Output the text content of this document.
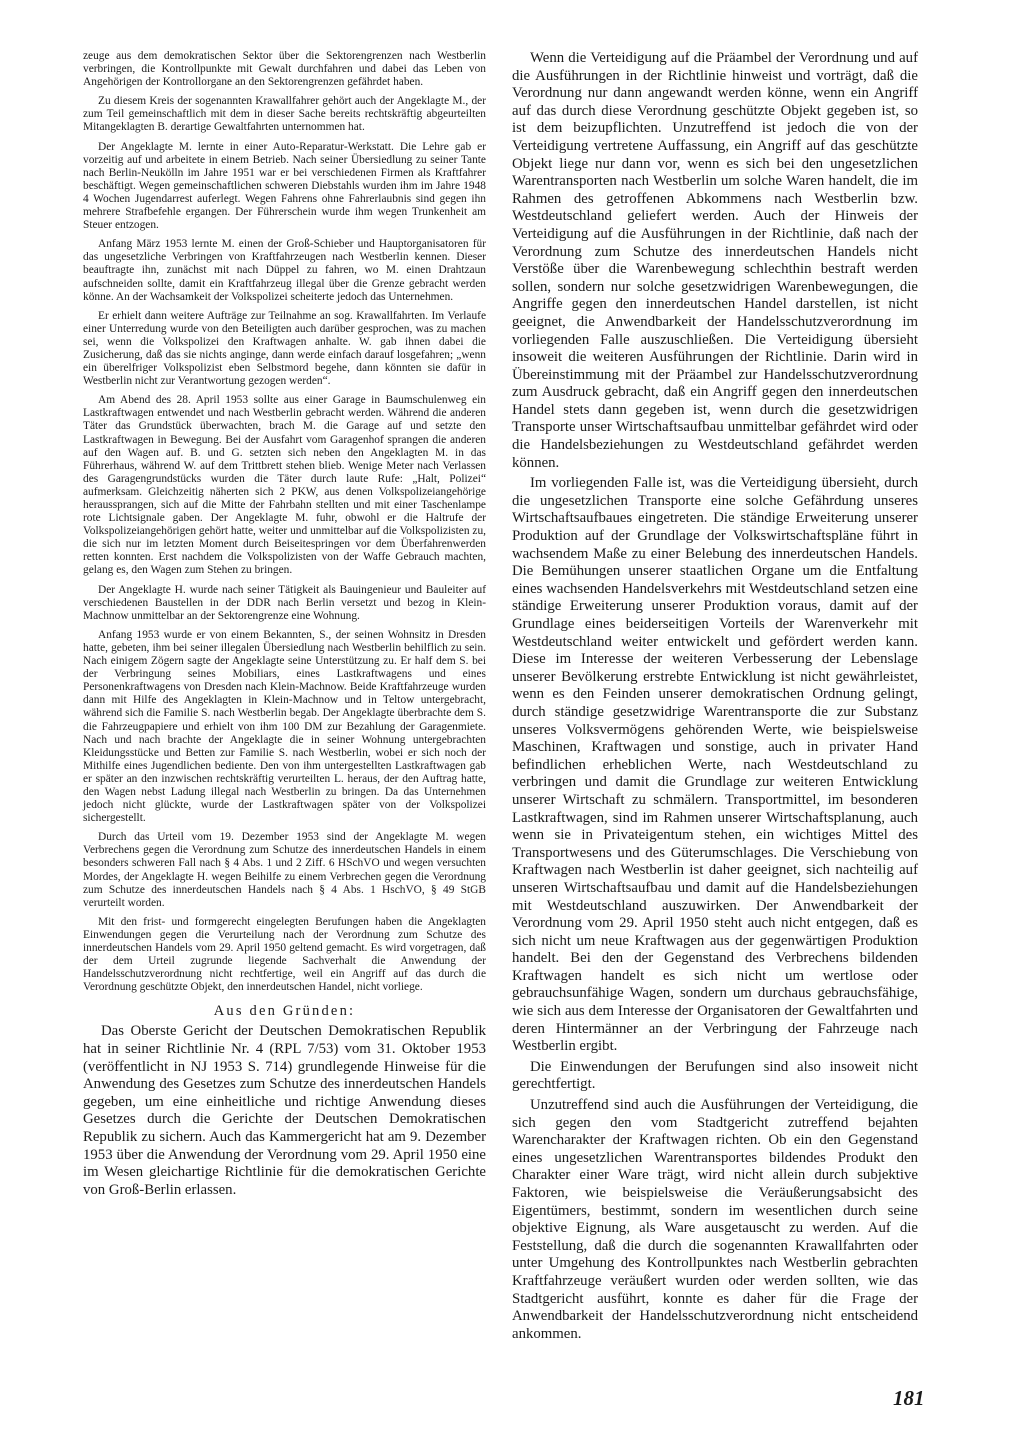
zeuge aus dem demokratischen Sektor über die Sektorengrenzen nach Westberlin verbringen, die Kontrollpunkte mit Gewalt durchfahren und dabei das Leben von Angehörigen der Kontrollorgane an den Sektorengrenzen gefährdet haben.

Zu diesem Kreis der sogenannten Krawallfahrer gehört auch der Angeklagte M., der zum Teil gemeinschaftlich mit dem in dieser Sache bereits rechtskräftig abgeurteilten Mitangeklagten B. derartige Gewaltfahrten unternommen hat.

Der Angeklagte M. lernte in einer Auto-Reparatur-Werkstatt. Die Lehre gab er vorzeitig auf und arbeitete in einem Betrieb. Nach seiner Übersiedlung zu seiner Tante nach Berlin-Neukölln im Jahre 1951 war er bei verschiedenen Firmen als Kraftfahrer beschäftigt. Wegen gemeinschaftlichen schweren Diebstahls wurden ihm im Jahre 1948 4 Wochen Jugendarrest auferlegt. Wegen Fahrens ohne Fahrerlaubnis sind gegen ihn mehrere Strafbefehle ergangen. Der Führerschein wurde ihm wegen Trunkenheit am Steuer entzogen.

Anfang März 1953 lernte M. einen der Groß-Schieber und Hauptorganisatoren für das ungesetzliche Verbringen von Kraftfahrzeugen nach Westberlin kennen. Dieser beauftragte ihn, zunächst mit nach Düppel zu fahren, wo M. einen Drahtzaun aufschneiden sollte, damit ein Kraftfahrzeug illegal über die Grenze gebracht werden könne. An der Wachsamkeit der Volkspolizei scheiterte jedoch das Unternehmen.

Er erhielt dann weitere Aufträge zur Teilnahme an sog. Krawallfahrten. Im Verlaufe einer Unterredung wurde von den Beteiligten auch darüber gesprochen, was zu machen sei, wenn die Volkspolizei den Kraftwagen anhalte. W. gab ihnen dabei die Zusicherung, daß das sie nichts anginge, dann werde einfach darauf losgefahren; „wenn ein überelfriger Volkspolizist eben Selbstmord begehe, dann könnten sie dafür in Westberlin nicht zur Verantwortung gezogen werden“.

Am Abend des 28. April 1953 sollte aus einer Garage in Baumschulenweg ein Lastkraftwagen entwendet und nach Westberlin gebracht werden. Während die anderen Täter das Grundstück überwachten, brach M. die Garage auf und setzte den Lastkraftwagen in Bewegung. Bei der Ausfahrt vom Garagenhof sprangen die anderen auf den Wagen auf. B. und G. setzten sich neben den Angeklagten M. in das Führerhaus, während W. auf dem Trittbrett stehen blieb. Wenige Meter nach Verlassen des Garagengrundstücks wurden die Täter durch laute Rufe: „Halt, Polizei“ aufmerksam. Gleichzeitig näherten sich 2 PKW, aus denen Volkspolizeiangehörige heraussprangen, sich auf die Mitte der Fahrbahn stellten und mit einer Taschenlampe rote Lichtsignale gaben. Der Angeklagte M. fuhr, obwohl er die Haltrufe der Volkspolizeiangehörigen gehört hatte, weiter und unmittelbar auf die Volkspolizisten zu, die sich nur im letzten Moment durch Beiseitespringen vor dem Überfahrenwerden retten konnten. Erst nachdem die Volkspolizisten von der Waffe Gebrauch machten, gelang es, den Wagen zum Stehen zu bringen.

Der Angeklagte H. wurde nach seiner Tätigkeit als Bauingenieur und Bauleiter auf verschiedenen Baustellen in der DDR nach Berlin versetzt und bezog in Klein-Machnow unmittelbar an der Sektorengrenze eine Wohnung.

Anfang 1953 wurde er von einem Bekannten, S., der seinen Wohnsitz in Dresden hatte, gebeten, ihm bei seiner illegalen Übersiedlung nach Westberlin behilflich zu sein. Nach einigem Zögern sagte der Angeklagte seine Unterstützung zu. Er half dem S. bei der Verbringung seines Mobiliars, eines Lastkraftwagens und eines Personenkraftwagens von Dresden nach Klein-Machnow. Beide Kraftfahrzeuge wurden dann mit Hilfe des Angeklagten in Klein-Machnow und in Teltow untergebracht, während sich die Familie S. nach Westberlin begab. Der Angeklagte überbrachte dem S. die Fahrzeugpapiere und erhielt von ihm 100 DM zur Bezahlung der Garagenmiete. Nach und nach brachte der Angeklagte die in seiner Wohnung untergebrachten Kleidungsstücke und Betten zur Familie S. nach Westberlin, wobei er sich noch der Mithilfe eines Jugendlichen bediente. Den von ihm untergestellten Lastkraftwagen gab er später an den inzwischen rechtskräftig verurteilten L. heraus, der den Auftrag hatte, den Wagen nebst Ladung illegal nach Westberlin zu bringen. Da das Unternehmen jedoch nicht glückte, wurde der Lastkraftwagen später von der Volkspolizei sichergestellt.

Durch das Urteil vom 19. Dezember 1953 sind der Angeklagte M. wegen Verbrechens gegen die Verordnung zum Schutze des innerdeutschen Handels in einem besonders schweren Fall nach § 4 Abs. 1 und 2 Ziff. 6 HSchVO und wegen versuchten Mordes, der Angeklagte H. wegen Beihilfe zu einem Verbrechen gegen die Verordnung zum Schutze des innerdeutschen Handels nach § 4 Abs. 1 HschVO, § 49 StGB verurteilt worden.

Mit den frist- und formgerecht eingelegten Berufungen haben die Angeklagten Einwendungen gegen die Verurteilung nach der Verordnung zum Schutze des innerdeutschen Handels vom 29. April 1950 geltend gemacht. Es wird vorgetragen, daß der dem Urteil zugrunde liegende Sachverhalt die Anwendung der Handelsschutzverordnung nicht rechtfertige, weil ein Angriff auf das durch die Verordnung geschützte Objekt, den innerdeutschen Handel, nicht vorliege.

Aus den Gründen:

Das Oberste Gericht der Deutschen Demokratischen Republik hat in seiner Richtlinie Nr. 4 (RPL 7/53) vom 31. Oktober 1953 (veröffentlicht in NJ 1953 S. 714) grundlegende Hinweise für die Anwendung des Gesetzes zum Schutze des innerdeutschen Handels gegeben, um eine einheitliche und richtige Anwendung dieses Gesetzes durch die Gerichte der Deutschen Demokratischen Republik zu sichern. Auch das Kammergericht hat am 9. Dezember 1953 über die Anwendung der Verordnung vom 29. April 1950 eine im Wesen gleichartige Richtlinie für die demokratischen Gerichte von Groß-Berlin erlassen.

Wenn die Verteidigung auf die Präambel der Verordnung und auf die Ausführungen in der Richtlinie hinweist und vorträgt, daß die Verordnung nur dann angewandt werden könne, wenn ein Angriff auf das durch diese Verordnung geschützte Objekt gegeben ist, so ist dem beizupflichten. Unzutreffend ist jedoch die von der Verteidigung vertretene Auffassung, ein Angriff auf das geschützte Objekt liege nur dann vor, wenn es sich bei den ungesetzlichen Warentransporten nach Westberlin um solche Waren handelt, die im Rahmen des getroffenen Abkommens nach Westberlin bzw. Westdeutschland geliefert werden. Auch der Hinweis der Verteidigung auf die Ausführungen in der Richtlinie, daß nach der Verordnung zum Schutze des innerdeutschen Handels nicht Verstöße über die Warenbewegung schlechthin bestraft werden sollen, sondern nur solche gesetzwidrigen Warenbewegungen, die Angriffe gegen den innerdeutschen Handel darstellen, ist nicht geeignet, die Anwendbarkeit der Handelsschutzverordnung im vorliegenden Falle auszuschließen. Die Verteidigung übersieht insoweit die weiteren Ausführungen der Richtlinie. Darin wird in Übereinstimmung mit der Präambel zur Handelsschutzverordnung zum Ausdruck gebracht, daß ein Angriff gegen den innerdeutschen Handel stets dann gegeben ist, wenn durch die gesetzwidrigen Transporte unser Wirtschaftsaufbau unmittelbar gefährdet wird oder die Handelsbeziehungen zu Westdeutschland gefährdet werden können.

Im vorliegenden Falle ist, was die Verteidigung übersieht, durch die ungesetzlichen Transporte eine solche Gefährdung unseres Wirtschaftsaufbaues eingetreten. Die ständige Erweiterung unserer Produktion auf der Grundlage der Volkswirtschaftspläne führt in wachsendem Maße zu einer Belebung des innerdeutschen Handels. Die Bemühungen unserer staatlichen Organe um die Entfaltung eines wachsenden Handelsverkehrs mit Westdeutschland setzen eine ständige Erweiterung unserer Produktion voraus, damit auf der Grundlage eines beiderseitigen Vorteils der Warenverkehr mit Westdeutschland weiter entwickelt und gefördert werden kann. Diese im Interesse der weiteren Verbesserung der Lebenslage unserer Bevölkerung erstrebte Entwicklung ist nicht gewährleistet, wenn es den Feinden unserer demokratischen Ordnung gelingt, durch ständige gesetzwidrige Warentransporte die zur Substanz unseres Volksvermögens gehörenden Werte, wie beispielsweise Maschinen, Kraftwagen und sonstige, auch in privater Hand befindlichen erheblichen Werte, nach Westdeutschland zu verbringen und damit die Grundlage zur weiteren Entwicklung unserer Wirtschaft zu schmälern. Transportmittel, im besonderen Lastkraftwagen, sind im Rahmen unserer Wirtschaftsplanung, auch wenn sie in Privateigentum stehen, ein wichtiges Mittel des Transportwesens und des Güterumschlages. Die Verschiebung von Kraftwagen nach Westberlin ist daher geeignet, sich nachteilig auf unseren Wirtschaftsaufbau und damit auf die Handelsbeziehungen mit Westdeutschland auszuwirken. Der Anwendbarkeit der Verordnung vom 29. April 1950 steht auch nicht entgegen, daß es sich nicht um neue Kraftwagen aus der gegenwärtigen Produktion handelt. Bei den der Gegenstand des Verbrechens bildenden Kraftwagen handelt es sich nicht um wertlose oder gebrauchsunfähige Wagen, sondern um durchaus gebrauchsfähige, wie sich aus dem Interesse der Organisatoren der Gewaltfahrten und deren Hintermänner an der Verbringung der Fahrzeuge nach Westberlin ergibt.

Die Einwendungen der Berufungen sind also insoweit nicht gerechtfertigt.

Unzutreffend sind auch die Ausführungen der Verteidigung, die sich gegen den vom Stadtgericht zutreffend bejahten Warencharakter der Kraftwagen richten. Ob ein den Gegenstand eines ungesetzlichen Warentransportes bildendes Produkt den Charakter einer Ware trägt, wird nicht allein durch subjektive Faktoren, wie beispielsweise die Veräußerungsabsicht des Eigentümers, bestimmt, sondern im wesentlichen durch seine objektive Eignung, als Ware ausgetauscht zu werden. Auf die Feststellung, daß die durch die sogenannten Krawallfahrten oder unter Umgehung des Kontrollpunktes nach Westberlin gebrachten Kraftfahrzeuge veräußert wurden oder werden sollten, wie das Stadtgericht ausführt, konnte es daher für die Frage der Anwendbarkeit der Handelsschutzverordnung nicht entscheidend ankommen.

181
